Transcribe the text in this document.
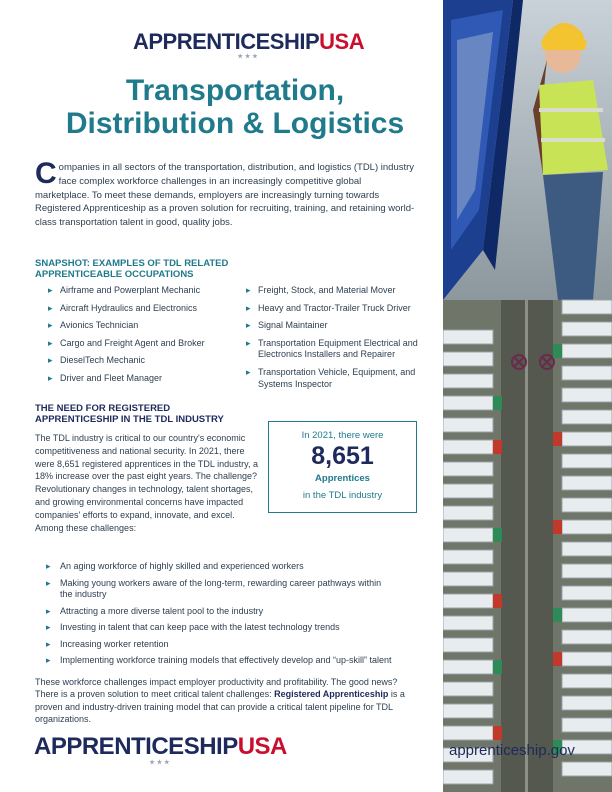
APPRENTICESHIPUSA
★★★
Transportation,
Distribution & Logistics

Companies in all sectors of the transportation, distribution, and logistics (TDL) industry face complex workforce challenges in an increasingly competitive global marketplace. To meet these demands, employers are increasingly turning towards Registered Apprenticeship as a proven solution for recruiting, training, and retaining world-class transportation talent in good, quality jobs.

SNAPSHOT: EXAMPLES OF TDL RELATED
APPRENTICEABLE OCCUPATIONS
▸ Airframe and Powerplant Mechanic
▸ Aircraft Hydraulics and Electronics
▸ Avionics Technician
▸ Cargo and Freight Agent and Broker
▸ DieselTech Mechanic
▸ Driver and Fleet Manager
▸ Freight, Stock, and Material Mover
▸ Heavy and Tractor-Trailer Truck Driver
▸ Signal Maintainer
▸ Transportation Equipment Electrical and Electronics Installers and Repairer
▸ Transportation Vehicle, Equipment, and Systems Inspector
THE NEED FOR REGISTERED
APPRENTICESHIP IN THE TDL INDUSTRY

The TDL industry is critical to our country's economic competitiveness and national security. In 2021, there were 8,651 registered apprentices in the TDL industry, a 18% increase over the past eight years. The challenge? Revolutionary changes in technology, talent shortages, and growing environmental concerns have impacted companies' efforts to expand, innovate, and excel. Among these challenges:

In 2021, there were
8,651
Apprentices
in the TDL industry
▸ An aging workforce of highly skilled and experienced workers
▸ Making young workers aware of the long-term, rewarding career pathways within the industry
▸ Attracting a more diverse talent pool to the industry
▸ Investing in talent that can keep pace with the latest technology trends
▸ Increasing worker retention
▸ Implementing workforce training models that effectively develop and “up-skill” talent

These workforce challenges impact employer productivity and profitability. The good news? There is a proven solution to meet critical talent challenges: Registered Apprenticeship is a proven and industry-driven training model that can provide a critical talent pipeline for TDL organizations.

APPRENTICESHIPUSA
★★★
apprenticeship.gov
